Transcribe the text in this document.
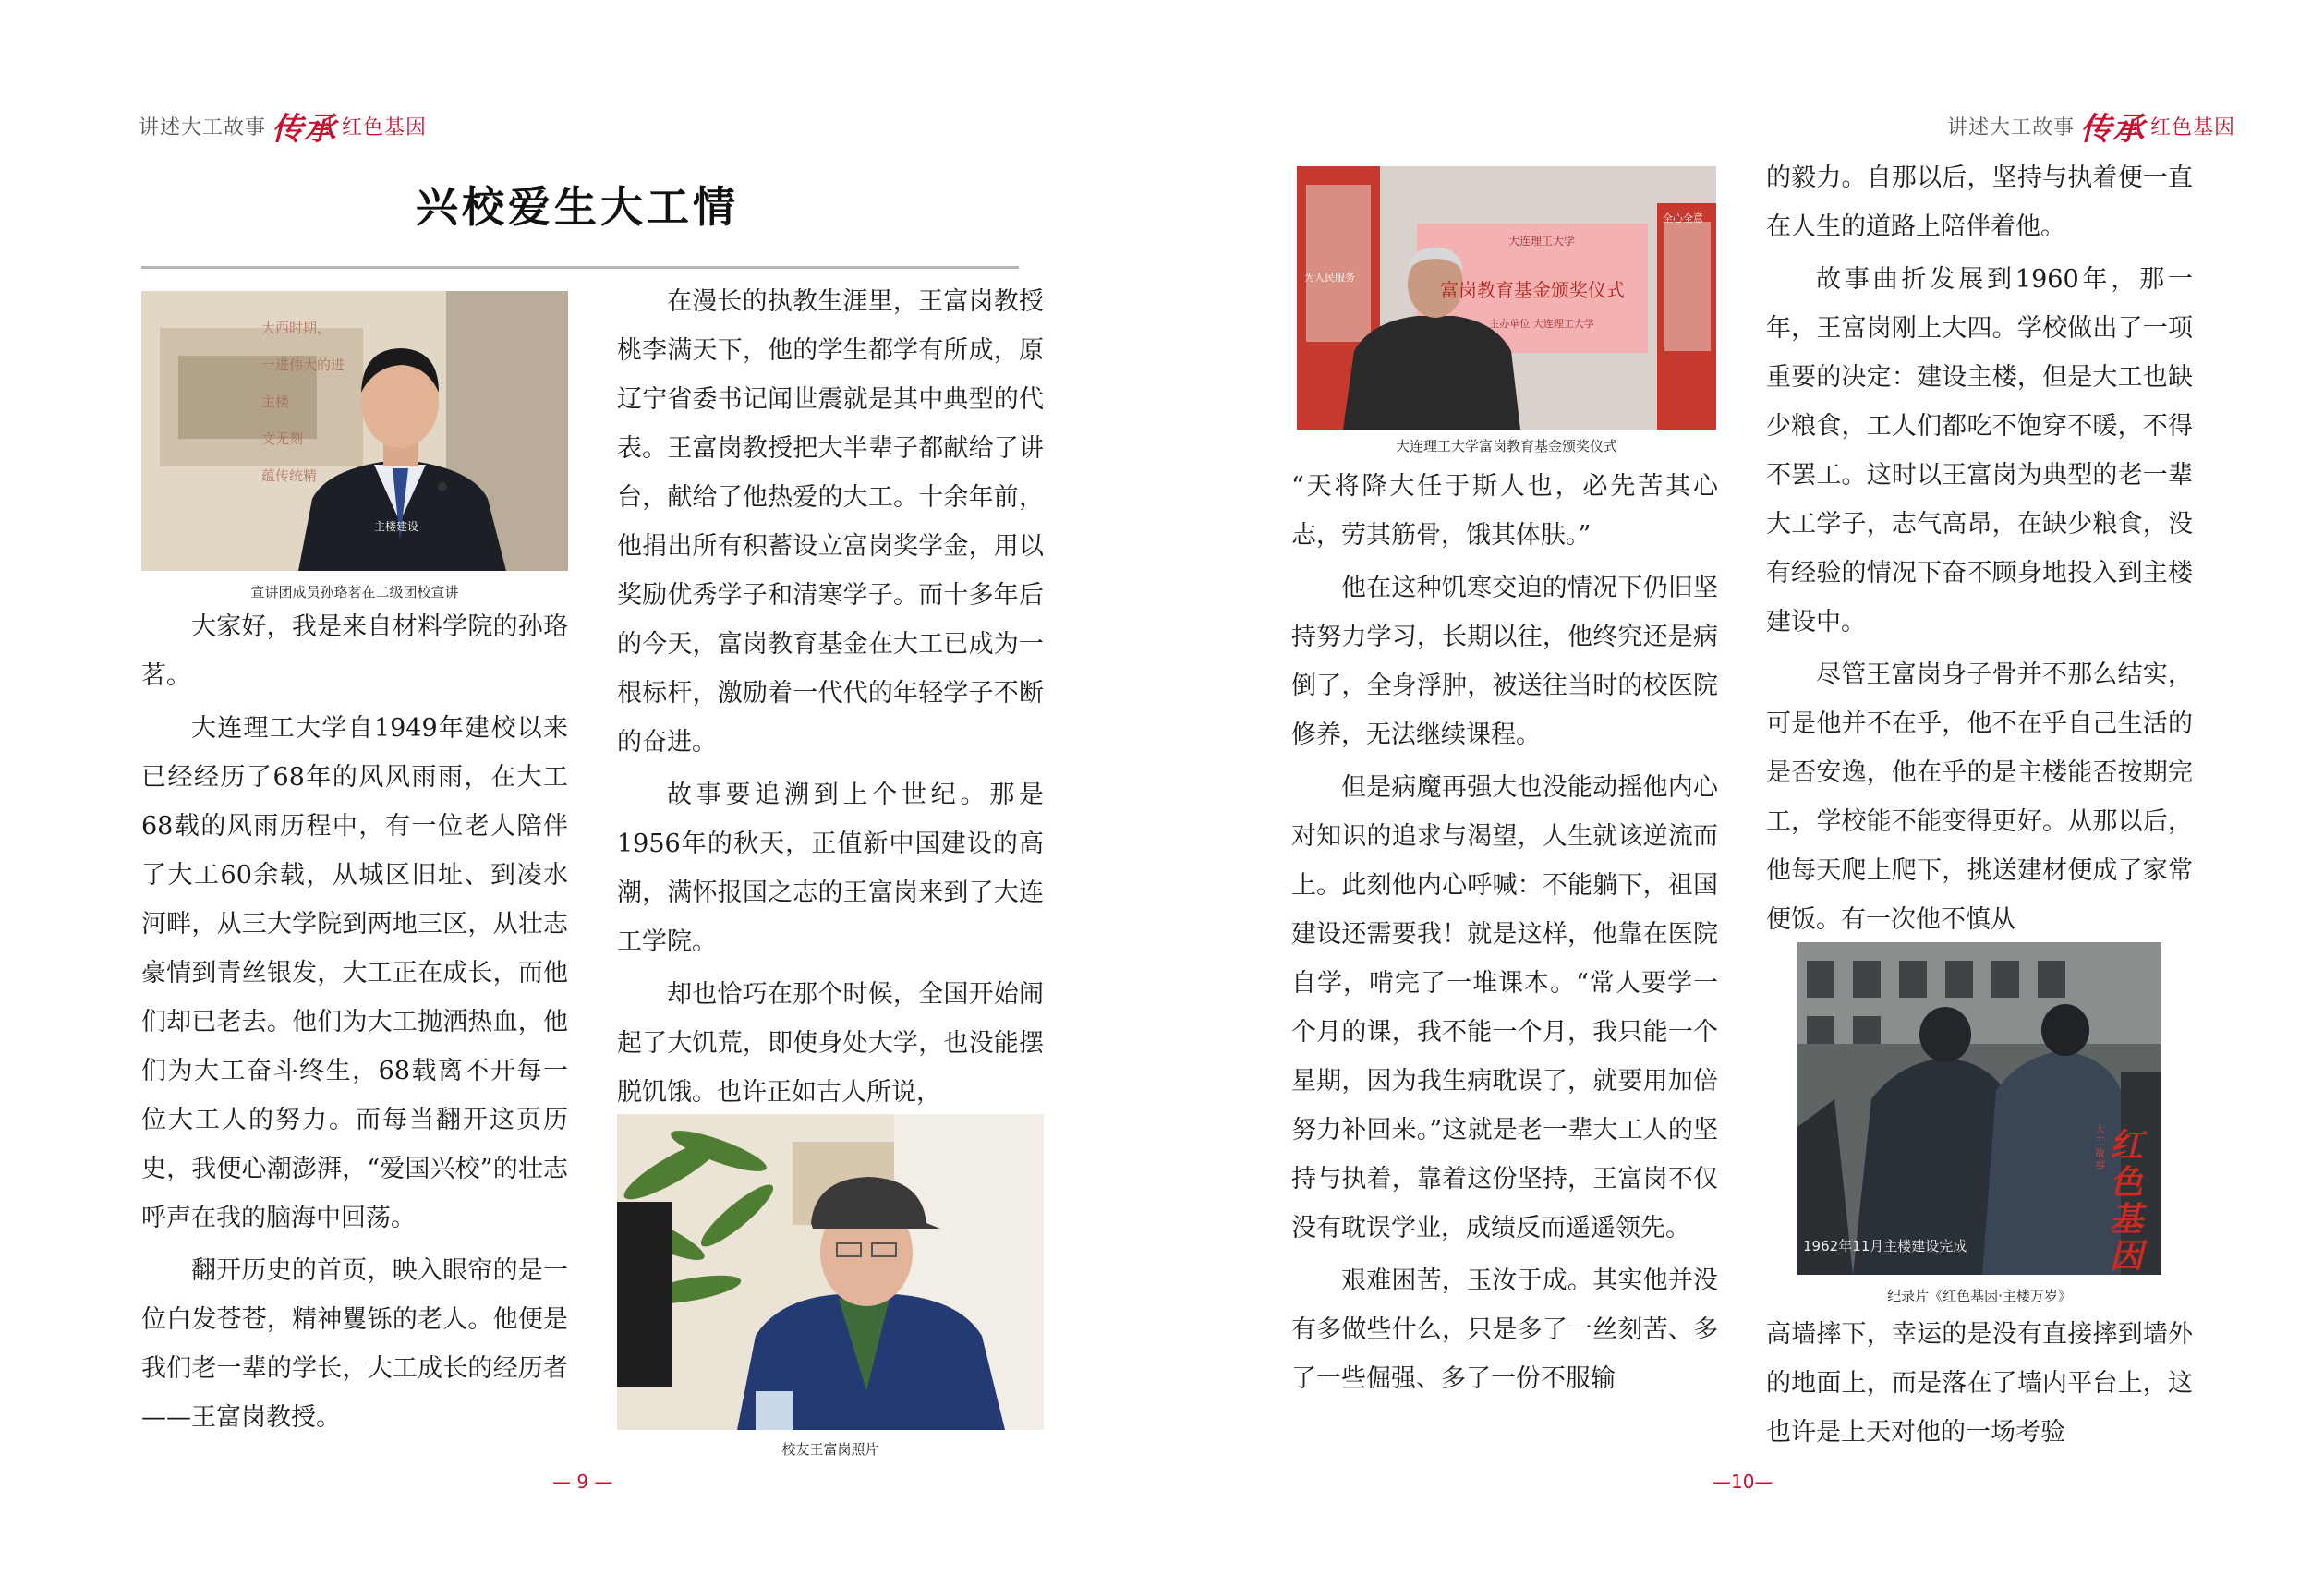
讲述大工故事 传承 红色基因
兴校爱生大工情
大西时期，
一进伟大的进
主楼
文无刻
蕴传统精
主楼建设
宣讲团成员孙珞茗在二级团校宣讲

大家好，我是来自材料学院的孙珞茗。

大连理工大学自1949年建校以来已经经历了68年的风风雨雨，在大工68载的风雨历程中，有一位老人陪伴了大工60余载，从城区旧址、到凌水河畔，从三大学院到两地三区，从壮志豪情到青丝银发，大工正在成长，而他们却已老去。他们为大工抛洒热血，他们为大工奋斗终生，68载离不开每一位大工人的努力。而每当翻开这页历史，我便心潮澎湃，“爱国兴校”的壮志呼声在我的脑海中回荡。

翻开历史的首页，映入眼帘的是一位白发苍苍，精神矍铄的老人。他便是我们老一辈的学长，大工成长的经历者——王富岗教授。

在漫长的执教生涯里，王富岗教授桃李满天下，他的学生都学有所成，原辽宁省委书记闻世震就是其中典型的代表。王富岗教授把大半辈子都献给了讲台，献给了他热爱的大工。十余年前，他捐出所有积蓄设立富岗奖学金，用以奖励优秀学子和清寒学子。而十多年后的今天，富岗教育基金在大工已成为一根标杆，激励着一代代的年轻学子不断的奋进。

故事要追溯到上个世纪。那是1956年的秋天，正值新中国建设的高潮，满怀报国之志的王富岗来到了大连工学院。

却也恰巧在那个时候，全国开始闹起了大饥荒，即使身处大学，也没能摆脱饥饿。也许正如古人所说，

校友王富岗照片
— 9 —
讲述大工故事 传承 红色基因
大连理工大学
富岗教育基金颁奖仪式
主办单位 大连理工大学
为人民服务
全心全意
大连理工大学富岗教育基金颁奖仪式

“天将降大任于斯人也，必先苦其心志，劳其筋骨，饿其体肤。”

他在这种饥寒交迫的情况下仍旧坚持努力学习，长期以往，他终究还是病倒了，全身浮肿，被送往当时的校医院修养，无法继续课程。

但是病魔再强大也没能动摇他内心对知识的追求与渴望，人生就该逆流而上。此刻他内心呼喊：不能躺下，祖国建设还需要我！就是这样，他靠在医院自学，啃完了一堆课本。“常人要学一个月的课，我不能一个月，我只能一个星期，因为我生病耽误了，就要用加倍努力补回来。”这就是老一辈大工人的坚持与执着，靠着这份坚持，王富岗不仅没有耽误学业，成绩反而遥遥领先。

艰难困苦，玉汝于成。其实他并没有多做些什么，只是多了一丝刻苦、多了一些倔强、多了一份不服输

的毅力。自那以后，坚持与执着便一直在人生的道路上陪伴着他。

故事曲折发展到1960年，那一年，王富岗刚上大四。学校做出了一项重要的决定：建设主楼，但是大工也缺少粮食，工人们都吃不饱穿不暖，不得不罢工。这时以王富岗为典型的老一辈大工学子，志气高昂，在缺少粮食，没有经验的情况下奋不顾身地投入到主楼建设中。

尽管王富岗身子骨并不那么结实，可是他并不在乎，他不在乎自己生活的是否安逸，他在乎的是主楼能否按期完工，学校能不能变得更好。从那以后，他每天爬上爬下，挑送建材便成了家常便饭。有一次他不慎从

1962年11月主楼建设完成
大工故事
红色基因
纪录片《红色基因·主楼万岁》

高墙摔下，幸运的是没有直接摔到墙外的地面上，而是落在了墙内平台上，这也许是上天对他的一场考验

—10—
